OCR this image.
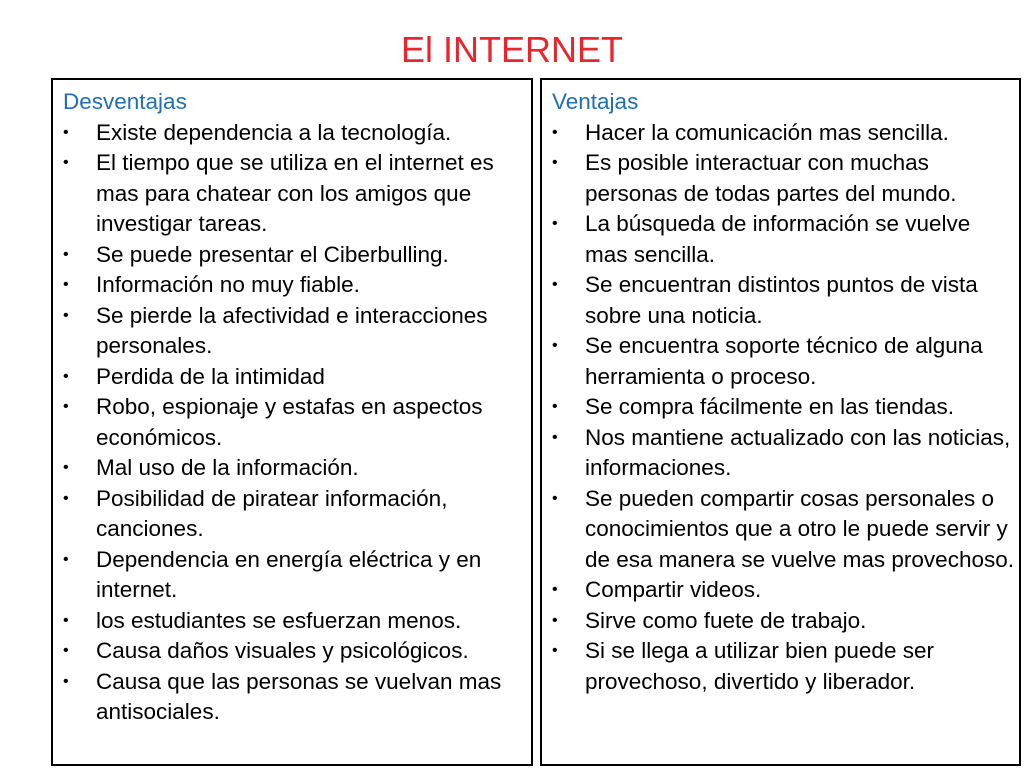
El INTERNET
Desventajas
•	Existe dependencia a la tecnología.
•	El tiempo que se utiliza en el internet es mas para chatear con los amigos que investigar tareas.
•	Se puede presentar el Ciberbulling.
•	Información no muy fiable.
•	Se pierde la afectividad e interacciones personales.
•	Perdida de la intimidad
•	Robo, espionaje y estafas en aspectos económicos.
•	Mal uso de la información.
•	Posibilidad de piratear información, canciones.
•	Dependencia en energía eléctrica y en internet.
•	los estudiantes se esfuerzan menos.
•	Causa daños visuales y psicológicos.
•	Causa que las personas se vuelvan mas antisociales.
Ventajas
•	Hacer la comunicación mas sencilla.
•	Es posible interactuar con muchas personas de todas partes del mundo.
•	La búsqueda de información se vuelve mas sencilla.
•	Se encuentran distintos puntos de vista sobre una noticia.
•	Se encuentra soporte técnico de alguna herramienta o proceso.
•	Se compra fácilmente en las tiendas.
•	Nos mantiene actualizado con las noticias, informaciones.
•	Se pueden compartir cosas personales o conocimientos que a otro le puede servir y de esa manera se vuelve mas provechoso.
•	Compartir videos.
•	Sirve como fuete de trabajo.
•	Si se llega a utilizar bien puede ser provechoso, divertido y liberador.
